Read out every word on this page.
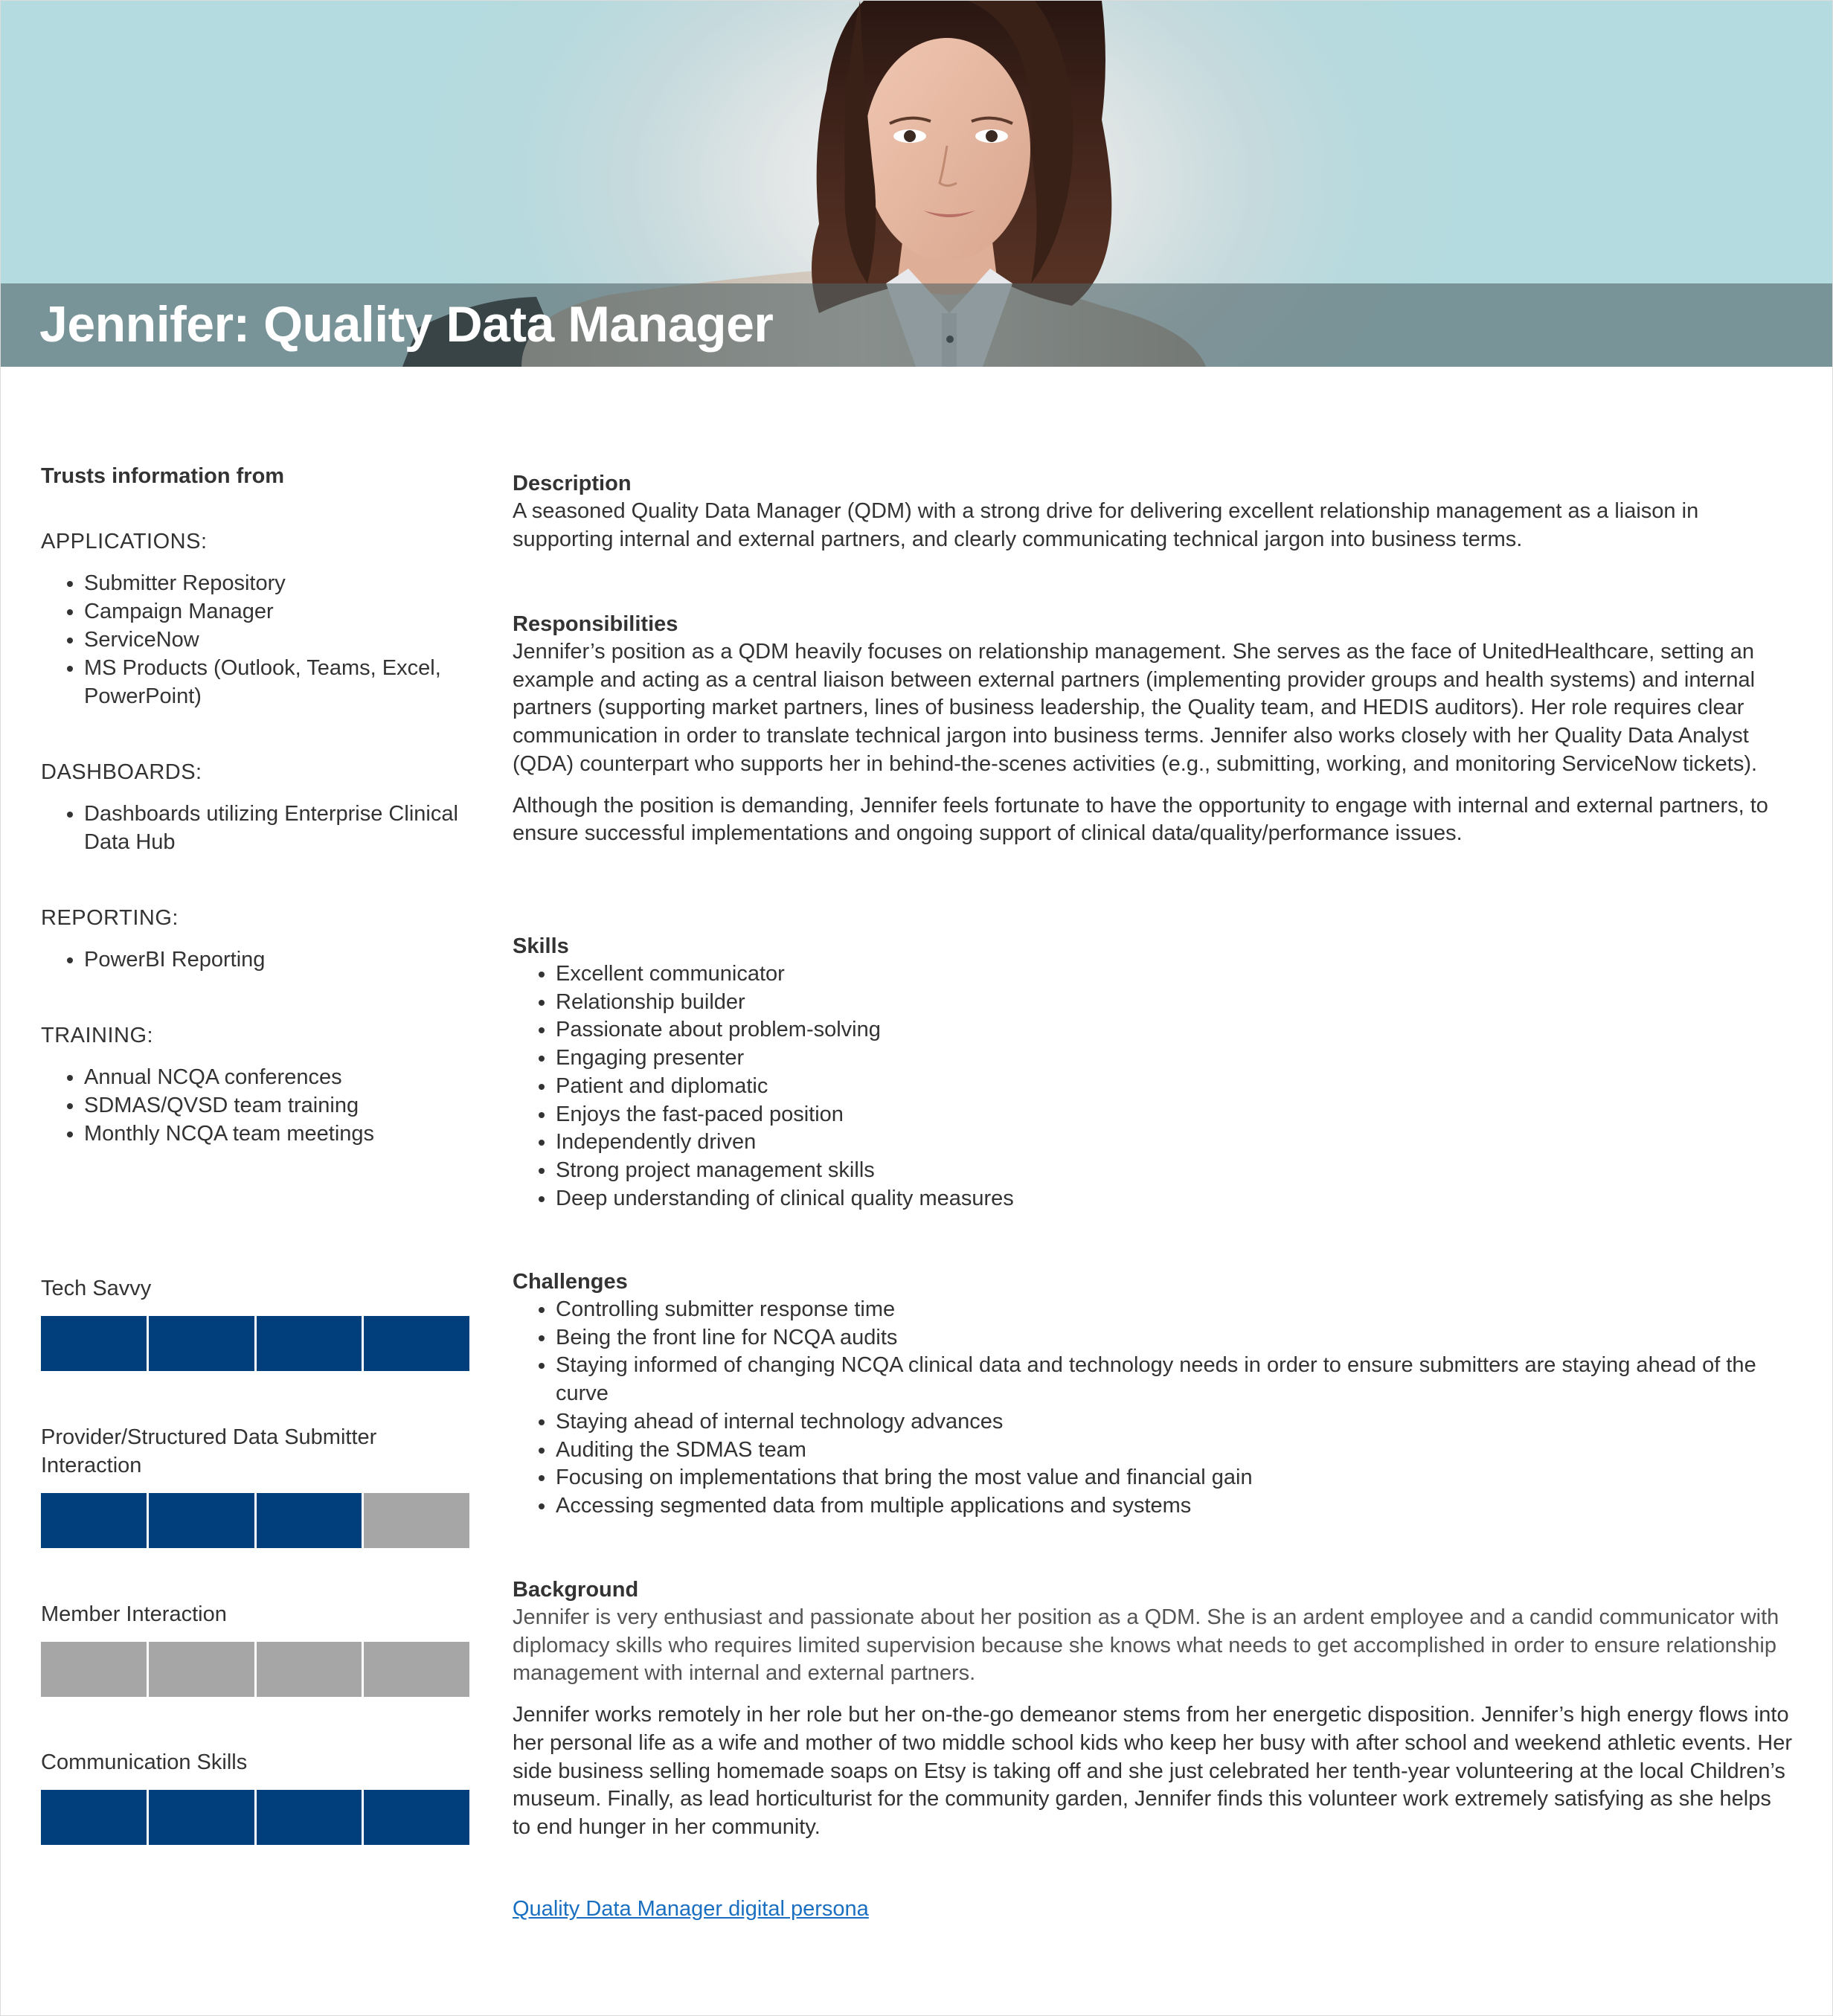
Jennifer: Quality Data Manager
Trusts information from
APPLICATIONS:
• Submitter Repository
• Campaign Manager
• ServiceNow
• MS Products (Outlook, Teams, Excel, PowerPoint)
DASHBOARDS:
• Dashboards utilizing Enterprise Clinical Data Hub
REPORTING:
• PowerBI Reporting
TRAINING:
• Annual NCQA conferences
• SDMAS/QVSD team training
• Monthly NCQA team meetings

Tech Savvy

Provider/Structured Data Submitter Interaction

Member Interaction

Communication Skills

Description

A seasoned Quality Data Manager (QDM) with a strong drive for delivering excellent relationship management as a liaison in supporting internal and external partners, and clearly communicating technical jargon into business terms.

Responsibilities

Jennifer’s position as a QDM heavily focuses on relationship management. She serves as the face of UnitedHealthcare, setting an example and acting as a central liaison between external partners (implementing provider groups and health systems) and internal partners (supporting market partners, lines of business leadership, the Quality team, and HEDIS auditors). Her role requires clear communication in order to translate technical jargon into business terms. Jennifer also works closely with her Quality Data Analyst (QDA) counterpart who supports her in behind-the-scenes activities (e.g., submitting, working, and monitoring ServiceNow tickets).

Although the position is demanding, Jennifer feels fortunate to have the opportunity to engage with internal and external partners, to ensure successful implementations and ongoing support of clinical data/quality/performance issues.

Skills

• Excellent communicator
• Relationship builder
• Passionate about problem-solving
• Engaging presenter
• Patient and diplomatic
• Enjoys the fast-paced position
• Independently driven
• Strong project management skills
• Deep understanding of clinical quality measures

Challenges

• Controlling submitter response time
• Being the front line for NCQA audits
• Staying informed of changing NCQA clinical data and technology needs in order to ensure submitters are staying ahead of the curve
• Staying ahead of internal technology advances
• Auditing the SDMAS team
• Focusing on implementations that bring the most value and financial gain
• Accessing segmented data from multiple applications and systems

Background

Jennifer is very enthusiast and passionate about her position as a QDM. She is an ardent employee and a candid communicator with diplomacy skills who requires limited supervision because she knows what needs to get accomplished in order to ensure relationship management with internal and external partners.

Jennifer works remotely in her role but her on-the-go demeanor stems from her energetic disposition. Jennifer’s high energy flows into her personal life as a wife and mother of two middle school kids who keep her busy with after school and weekend athletic events. Her side business selling homemade soaps on Etsy is taking off and she just celebrated her tenth-year volunteering at the local Children’s museum. Finally, as lead horticulturist for the community garden, Jennifer finds this volunteer work extremely satisfying as she helps to end hunger in her community.

Quality Data Manager digital persona
